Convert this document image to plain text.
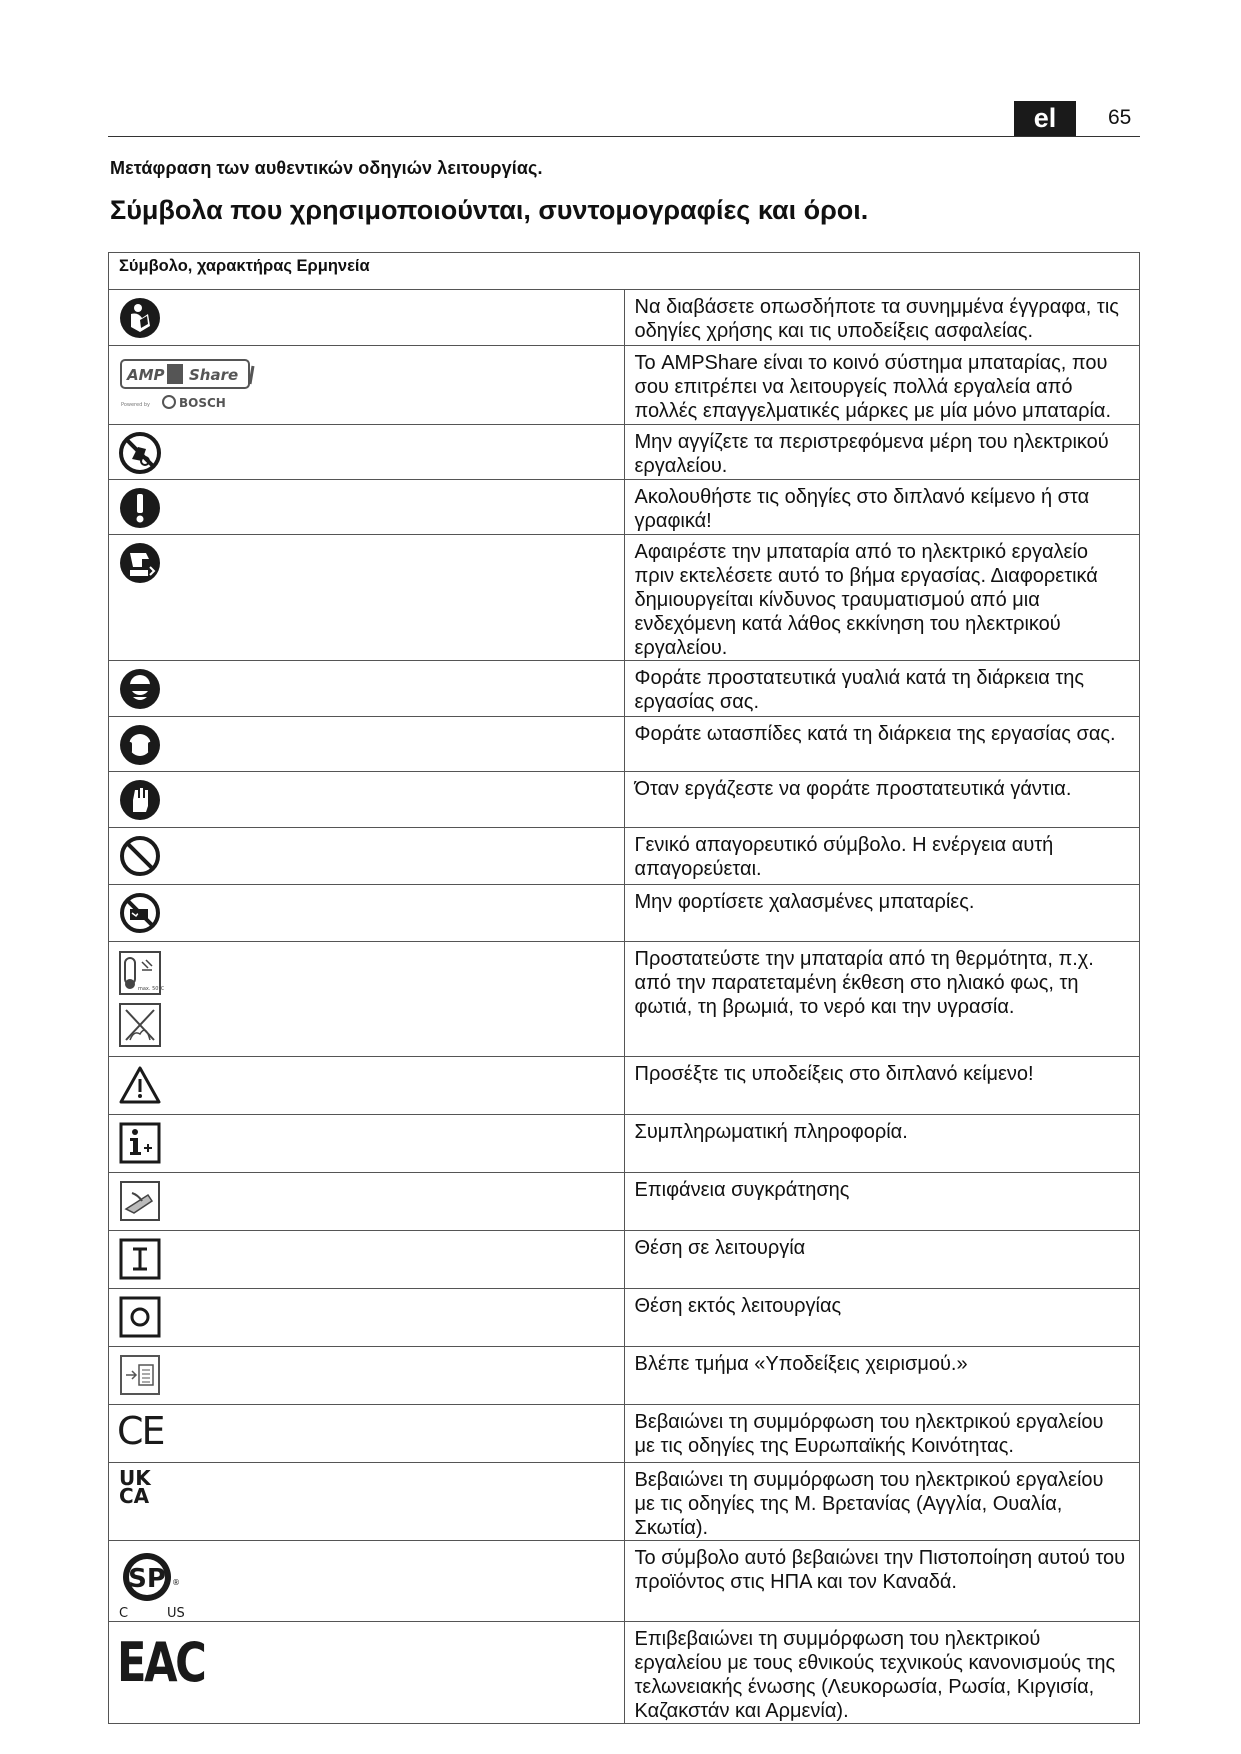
el	65
Μετάφραση των αυθεντικών οδηγιών λειτουργίας.
Σύμβολα που χρησιμοποιούνται, συντομογραφίες και όροι.
Σύμβολο, χαρακτήρας Ερμηνεία	

	Να διαβάσετε οπωσδήποτε τα συνημμένα έγγραφα, τις οδηγίες χρήσης και τις υποδείξεις ασφαλείας.

AMP Share
Powered by BOSCH	Το AMPShare είναι το κοινό σύστημα μπαταρίας, που σου επιτρέπει να λειτουργείς πολλά εργαλεία από πολλές επαγγελματικές μάρκες με μία μόνο μπαταρία.

	Μην αγγίζετε τα περιστρεφόμενα μέρη του ηλεκτρικού εργαλείου.

	Ακολουθήστε τις οδηγίες στο διπλανό κείμενο ή στα γραφικά!

	Αφαιρέστε την μπαταρία από το ηλεκτρικό εργαλείο πριν εκτελέσετε αυτό το βήμα εργασίας. Διαφορετικά δημιουργείται κίνδυνος τραυματισμού από μια ενδεχόμενη κατά λάθος εκκίνηση του ηλεκτρικού εργαλείου.

	Φοράτε προστατευτικά γυαλιά κατά τη διάρκεια της εργασίας σας.

	Φοράτε ωτασπίδες κατά τη διάρκεια της εργασίας σας.

	Όταν εργάζεστε να φοράτε προστατευτικά γάντια.

	Γενικό απαγορευτικό σύμβολο. Η ενέργεια αυτή απαγορεύεται.

	Μην φορτίσετε χαλασμένες μπαταρίες.

max. 50°C	Προστατεύστε την μπαταρία από τη θερμότητα, π.χ. από την παρατεταμένη έκθεση στο ηλιακό φως, τη φωτιά, τη βρωμιά, το νερό και την υγρασία.

	Προσέξτε τις υποδείξεις στο διπλανό κείμενο!

	Συμπληρωματική πληροφορία.

	Επιφάνεια συγκράτησης

	Θέση σε λειτουργία

	Θέση εκτός λειτουργίας

	Βλέπε τμήμα «Υποδείξεις χειρισμού.»

CE	Βεβαιώνει τη συμμόρφωση του ηλεκτρικού εργαλείου με τις οδηγίες της Ευρωπαϊκής Κοινότητας.

UK
CA	Βεβαιώνει τη συμμόρφωση του ηλεκτρικού εργαλείου με τις οδηγίες της Μ. Βρετανίας (Αγγλία, Ουαλία, Σκωτία).

SP ®
C US	Το σύμβολο αυτό βεβαιώνει την Πιστοποίηση αυτού του προϊόντος στις ΗΠΑ και τον Καναδά.

EAC	Επιβεβαιώνει τη συμμόρφωση του ηλεκτρικού εργαλείου με τους εθνικούς τεχνικούς κανονισμούς της τελωνειακής ένωσης (Λευκορωσία, Ρωσία, Κιργισία, Καζακστάν και Αρμενία).
